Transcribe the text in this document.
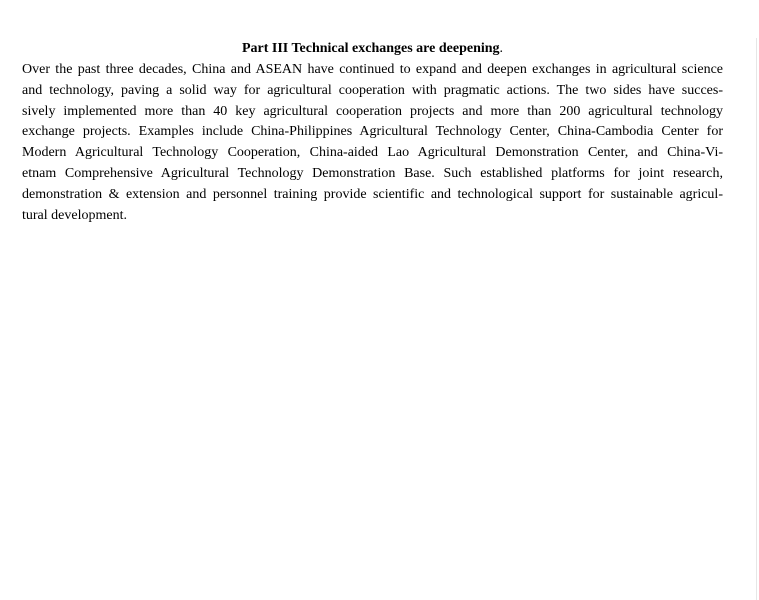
Part III Technical exchanges are deepening.

Over the past three decades, China and ASEAN have continued to expand and deepen exchanges in agricultural science
and technology, paving a solid way for agricultural cooperation with pragmatic actions. The two sides have succes-
sively implemented more than 40 key agricultural cooperation projects and more than 200 agricultural technology
exchange projects. Examples include China-Philippines Agricultural Technology Center, China-Cambodia Center for
Modern Agricultural Technology Cooperation, China-aided Lao Agricultural Demonstration Center, and China-Vi-
etnam Comprehensive Agricultural Technology Demonstration Base. Such established platforms for joint research,
demonstration & extension and personnel training provide scientific and technological support for sustainable agricul-
tural development.
